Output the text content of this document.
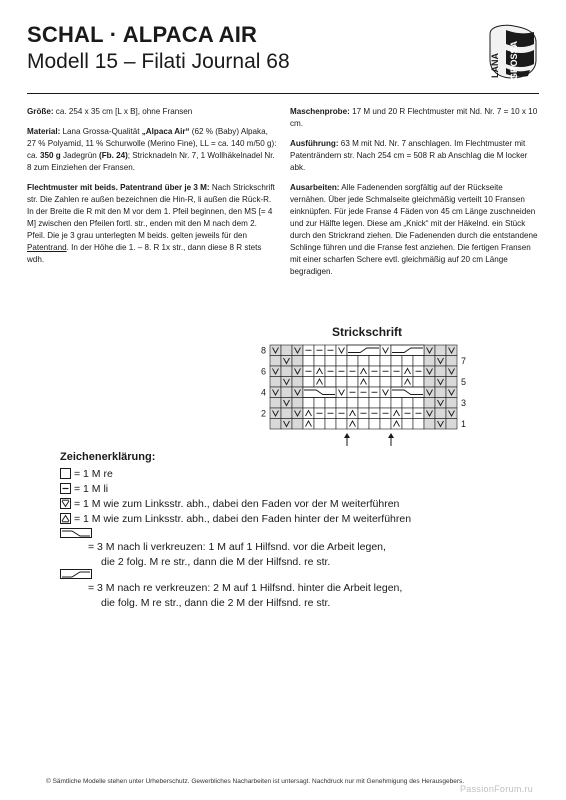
SCHAL · ALPACA AIR
Modell 15 – Filati Journal 68	LANA GROSSA

Größe: ca. 254 x 35 cm [L x B], ohne Fransen

Material: Lana Grossa-Qualität „Alpaca Air“ (62 % (Baby) Alpaka, 27 % Polyamid, 11 % Schurwolle (Merino Fine), LL = ca. 140 m/50 g): ca. 350 g Jadegrün (Fb. 24); Stricknadeln Nr. 7, 1 Wollhäkelnadel Nr. 8 zum Einziehen der Fransen.

Flechtmuster mit beids. Patentrand über je 3 M: Nach Strickschrift str. Die Zahlen re außen bezeichnen die Hin-R, li außen die Rück-R. In der Breite die R mit den M vor dem 1. Pfeil beginnen, den MS [= 4 M] zwischen den Pfeilen fortl. str., enden mit den M nach dem 2. Pfeil. Die je 3 grau unterlegten M beids. gelten jeweils für den Patentrand. In der Höhe die 1. – 8. R 1x str., dann diese 8 R stets wdh.

Maschenprobe: 17 M und 20 R Flechtmuster mit Nd. Nr. 7 = 10 x 10 cm.

Ausführung: 63 M mit Nd. Nr. 7 anschlagen. Im Flechtmuster mit Patenträndern str. Nach 254 cm = 508 R ab Anschlag die M locker abk.

Ausarbeiten: Alle Fadenenden sorgfältig auf der Rückseite vernähen. Über jede Schmalseite gleichmäßig verteilt 10 Fransen einknüpfen. Für jede Franse 4 Fäden von 45 cm Länge zuschneiden und zur Hälfte legen. Diese am „Knick“ mit der Häkelnd. ein Stück durch den Strickrand ziehen. Die Fadenenden durch die entstandene Schlinge führen und die Franse fest anziehen. Die fertigen Fransen mit einer scharfen Schere evtl. gleichmäßig auf 20 cm Länge begradigen.

Strickschrift
8
6
4
2
7
5
3
1
Zeichenerklärung:
= 1 M re
= 1 M li
= 1 M wie zum Linksstr. abh., dabei den Faden vor der M weiterführen
= 1 M wie zum Linksstr. abh., dabei den Faden hinter der M weiterführen
= 3 M nach li verkreuzen: 1 M auf 1 Hilfsnd. vor die Arbeit legen,
die 2 folg. M re str., dann die M der Hilfsnd. re str.
= 3 M nach re verkreuzen: 2 M auf 1 Hilfsnd. hinter die Arbeit legen,
die folg. M re str., dann die 2 M der Hilfsnd. re str.
© Sämtliche Modelle stehen unter Urheberschutz. Gewerbliches Nacharbeiten ist untersagt. Nachdruck nur mit Genehmigung des Herausgebers.
PassionForum.ru
